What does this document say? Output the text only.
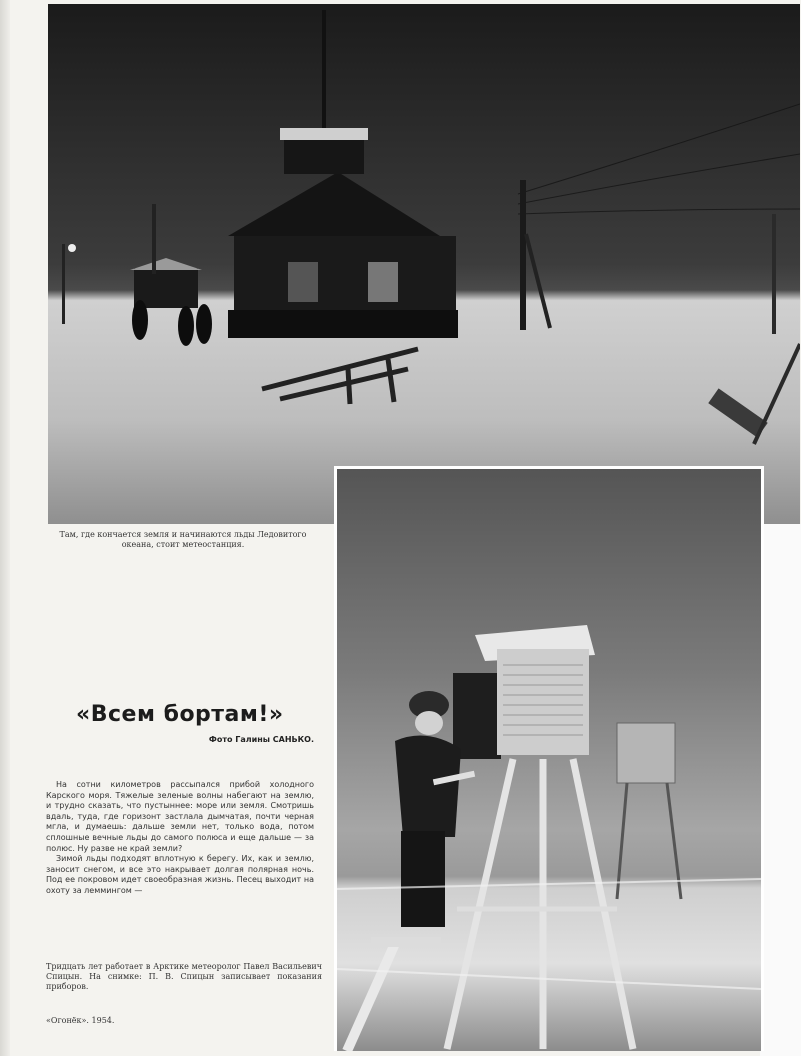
Там, где кончается земля и начинаются льды Ледовитого океана, стоит метеостанция.
«Всем бортам!»
Фото Галины САНЬКО.

На сотни километров рассыпался прибой холодного Карского моря. Тяжелые зеленые волны набегают на землю, и трудно сказать, что пустыннее: море или земля. Смотришь вдаль, туда, где горизонт застлала дымчатая, почти черная мгла, и думаешь: дальше земли нет, только вода, потом сплошные вечные льды до самого полюса и еще дальше — за полюс. Ну разве не край земли?

Зимой льды подходят вплотную к берегу. Их, как и землю, заносит снегом, и все это накрывает долгая полярная ночь. Под ее покровом идет своеобразная жизнь. Песец выходит на охоту за леммингом —

Тридцать лет работает в Арктике метеоролог Павел Васильевич Спицын. На снимке: П. В. Спицын записывает показания приборов.
«Огонёк». 1954.
